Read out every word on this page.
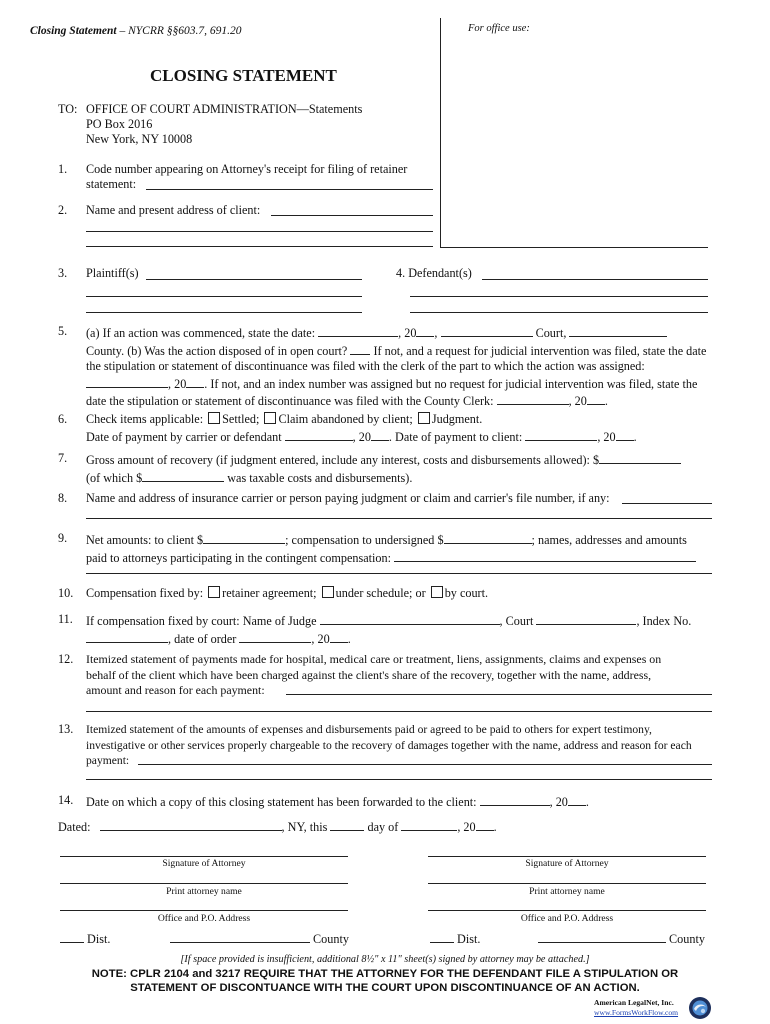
Closing Statement – NYCRR §§603.7, 691.20	For office use:
CLOSING STATEMENT
TO: OFFICE OF COURT ADMINISTRATION—Statements
PO Box 2016
New York, NY 10008
1. Code number appearing on Attorney's receipt for filing of retainer
statement:
2. Name and present address of client:
3. Plaintiff(s)	4. Defendant(s)
5. (a) If an action was commenced, state the date:	, 20 ,	Court,
County. (b) Was the action disposed of in open court?  If not, and a request for judicial intervention was filed, state the date
the stipulation or statement of discontinuance was filed with the clerk of the part to which the action was assigned:
, 20 . If not, and an index number was assigned but no request for judicial intervention was filed, state the
date the stipulation or statement of discontinuance was filed with the County Clerk:	, 20 .
6. Check items applicable: Settled; Claim abandoned by client; Judgment.
Date of payment by carrier or defendant	, 20 . Date of payment to client:	, 20 .
7. Gross amount of recovery (if judgment entered, include any interest, costs and disbursements allowed): $
(of which $	was taxable costs and disbursements).
8. Name and address of insurance carrier or person paying judgment or claim and carrier's file number, if any:
9. Net amounts: to client $	; compensation to undersigned $	; names, addresses and amounts
paid to attorneys participating in the contingent compensation:
10. Compensation fixed by: retainer agreement; under schedule; or by court.
11. If compensation fixed by court: Name of Judge	, Court	, Index No.
, date of order	, 20 .
12. Itemized statement of payments made for hospital, medical care or treatment, liens, assignments, claims and expenses on
behalf of the client which have been charged against the client's share of the recovery, together with the name, address,
amount and reason for each payment:
13. Itemized statement of the amounts of expenses and disbursements paid or agreed to be paid to others for expert testimony,
investigative or other services properly chargeable to the recovery of damages together with the name, address and reason for each
payment:
14. Date on which a copy of this closing statement has been forwarded to the client:	, 20 .
Dated:	, NY, this	day of	, 20 .
Signature of Attorney
Print attorney name
Office and P.O. Address
Dist.	County
Signature of Attorney
Print attorney name
Office and P.O. Address
Dist.	County
[If space provided is insufficient, additional 8½" x 11" sheet(s) signed by attorney may be attached.]
NOTE: CPLR 2104 and 3217 REQUIRE THAT THE ATTORNEY FOR THE DEFENDANT FILE A STIPULATION OR
STATEMENT OF DISCONTUANCE WITH THE COURT UPON DISCONTINUANCE OF AN ACTION.
American LegalNet, Inc.
www.FormsWorkFlow.com
